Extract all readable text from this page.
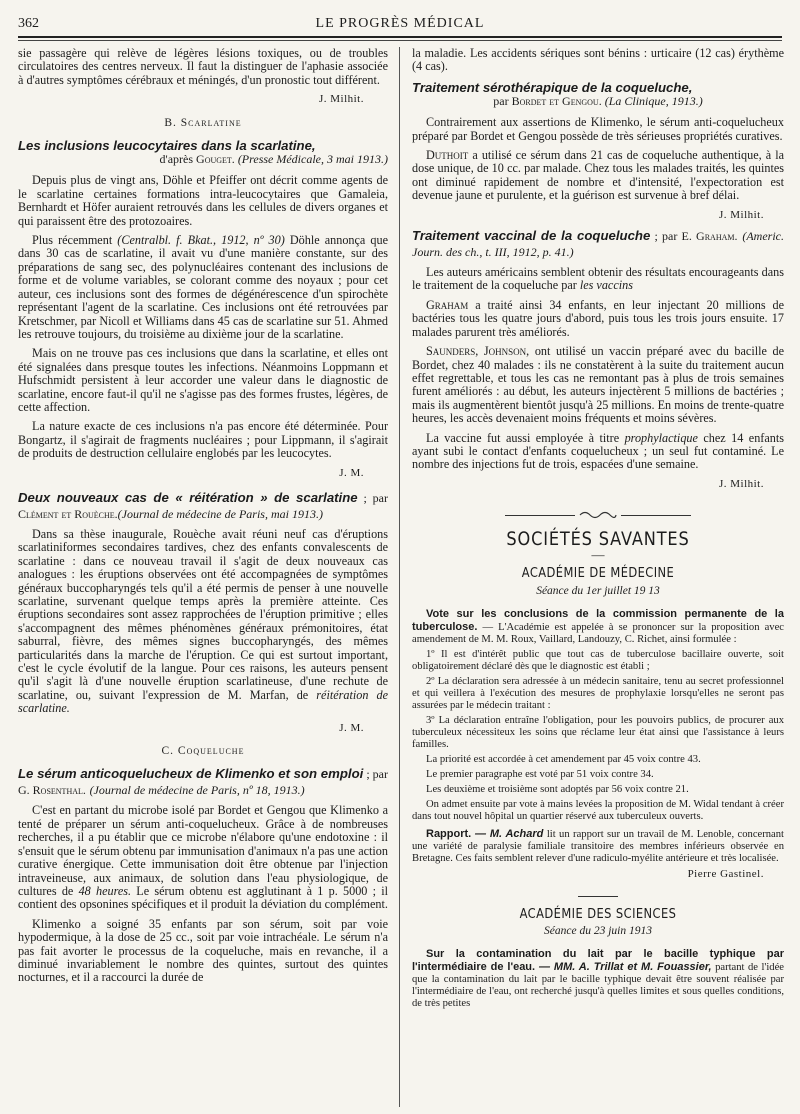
362	LE PROGRÈS MÉDICAL

sie passagère qui relève de légères lésions toxiques, ou de troubles circulatoires des centres nerveux. Il faut la distinguer de l'aphasie associée à d'autres symptômes cérébraux et méningés, d'un pronostic tout différent.

J. Milhit.
B. Scarlatine
Les inclusions leucocytaires dans la scarlatine,
d'après Gouget. (Presse Médicale, 3 mai 1913.)

Depuis plus de vingt ans, Döhle et Pfeiffer ont décrit comme agents de le scarlatine certaines formations intra-leucocytaires que Gamaleia, Bernhardt et Höfer auraient retrouvés dans les cellules de divers organes et qui paraissent être des protozoaires.

Plus récemment (Centralbl. f. Bkat., 1912, nº 30) Döhle annonça que dans 30 cas de scarlatine, il avait vu d'une manière constante, sur des préparations de sang sec, des polynucléaires contenant des inclusions de forme et de volume variables, se colorant comme des noyaux ; pour cet auteur, ces inclusions sont des formes de dégénérescence d'un spirochète représentant l'agent de la scarlatine. Ces inclusions ont été retrouvées par Kretschmer, par Nicoll et Williams dans 45 cas de scarlatine sur 51. Ahmed les retrouve toujours, du troisième au dixième jour de la scarlatine.

Mais on ne trouve pas ces inclusions que dans la scarlatine, et elles ont été signalées dans presque toutes les infections. Néanmoins Loppmann et Hufschmidt persistent à leur accorder une valeur dans le diagnostic de scarlatine, encore faut-il qu'il ne s'agisse pas des formes frustes, légères, de cette affection.

La nature exacte de ces inclusions n'a pas encore été déterminée. Pour Bongartz, il s'agirait de fragments nucléaires ; pour Lippmann, il s'agirait de produits de destruction cellulaire englobés par les leucocytes.

J. M.
Deux nouveaux cas de « réitération » de scarlatine ; par Clément et Rouèche.(Journal de médecine de Paris, mai 1913.)

Dans sa thèse inaugurale, Rouèche avait réuni neuf cas d'éruptions scarlatiniformes secondaires tardives, chez des enfants convalescents de scarlatine : dans ce nouveau travail il s'agit de deux nouveaux cas analogues : les éruptions observées ont été accompagnées de symptômes généraux buccopharyngés tels qu'il a été permis de penser à une nouvelle scarlatine, survenant quelque temps après la première atteinte. Ces éruptions secondaires sont assez rapprochées de l'éruption primitive ; elles s'accompagnent des mêmes phénomènes généraux prémonitoires, état saburral, fièvre, des mêmes signes buccopharyngés, des mêmes particularités dans la marche de l'éruption. Ce qui est surtout important, c'est le cycle évolutif de la langue. Pour ces raisons, les auteurs pensent qu'il s'agit là d'une nouvelle éruption scarlatineuse, d'une rechute de scarlatine, ou, suivant l'expression de M. Marfan, de réitération de scarlatine.

J. M.
C. Coqueluche
Le sérum anticoquelucheux de Klimenko et son emploi ; par G. Rosenthal. (Journal de médecine de Paris, nº 18, 1913.)

C'est en partant du microbe isolé par Bordet et Gengou que Klimenko a tenté de préparer un sérum anti-coquelucheux. Grâce à de nombreuses recherches, il a pu établir que ce microbe n'élabore qu'une endotoxine : il s'ensuit que le sérum obtenu par immunisation d'animaux n'a pas une action curative énergique. Cette immunisation doit être obtenue par l'injection intraveineuse, aux animaux, de solution dans l'eau physiologique, de cultures de 48 heures. Le sérum obtenu est agglutinant à 1 p. 5000 ; il contient des opsonines spécifiques et il produit la déviation du complément.

Klimenko a soigné 35 enfants par son sérum, soit par voie hypodermique, à la dose de 25 cc., soit par voie intrachéale. Le sérum n'a pas fait avorter le processus de la coqueluche, mais en revanche, il a diminué invariablement le nombre des quintes, surtout des quintes nocturnes, et il a raccourci la durée de

la maladie. Les accidents sériques sont bénins : urticaire (12 cas) érythème (4 cas).

Traitement sérothérapique de la coqueluche,
par Bordet et Gengou. (La Clinique, 1913.)

Contrairement aux assertions de Klimenko, le sérum anti-coquelucheux préparé par Bordet et Gengou possède de très sérieuses propriétés curatives.

Duthoit a utilisé ce sérum dans 21 cas de coqueluche authentique, à la dose unique, de 10 cc. par malade. Chez tous les malades traités, les quintes ont diminué rapidement de nombre et d'intensité, l'expectoration est devenue jaune et purulente, et la guérison est survenue à bref délai.

J. Milhit.
Traitement vaccinal de la coqueluche ; par E. Graham. (Americ. Journ. des ch., t. III, 1912, p. 41.)

Les auteurs américains semblent obtenir des résultats encourageants dans le traitement de la coqueluche par les vaccins

Graham a traité ainsi 34 enfants, en leur injectant 20 millions de bactéries tous les quatre jours d'abord, puis tous les trois jours ensuite. 17 malades parurent très améliorés.

Saunders, Johnson, ont utilisé un vaccin préparé avec du bacille de Bordet, chez 40 malades : ils ne constatèrent à la suite du traitement aucun effet regrettable, et tous les cas ne remontant pas à plus de trois semaines furent améliorés : au début, les auteurs injectèrent 5 millions de bactéries ; mais ils augmentèrent bientôt jusqu'à 25 millions. En moins de trente-quatre heures, les accès devenaient moins fréquents et moins sévères.

La vaccine fut aussi employée à titre prophylactique chez 14 enfants ayant subi le contact d'enfants coquelucheux ; un seul fut contaminé. Le nombre des injections fut de trois, espacées d'une semaine.

J. Milhit.

SOCIÉTÉS SAVANTES
—
ACADÉMIE DE MÉDECINE
Séance du 1er juillet 19 13

Vote sur les conclusions de la commission permanente de la tuberculose. — L'Académie est appelée à se prononcer sur la proposition avec amendement de M. M. Roux, Vaillard, Landouzy, C. Richet, ainsi formulée :

1º Il est d'intérêt public que tout cas de tuberculose bacillaire ouverte, soit obligatoirement déclaré dès que le diagnostic est établi ;

2º La déclaration sera adressée à un médecin sanitaire, tenu au secret professionnel et qui veillera à l'exécution des mesures de prophylaxie lorsqu'elles ne seront pas assurées par le médecin traitant :

3º La déclaration entraîne l'obligation, pour les pouvoirs publics, de procurer aux tuberculeux nécessiteux les soins que réclame leur état ainsi que l'assistance à leurs familles.

La priorité est accordée à cet amendement par 45 voix contre 43.

Le premier paragraphe est voté par 51 voix contre 34.

Les deuxième et troisième sont adoptés par 56 voix contre 21.

On admet ensuite par vote à mains levées la proposition de M. Widal tendant à créer dans tout nouvel hôpital un quartier réservé aux tuberculeux ouverts.

Rapport. — M. Achard lit un rapport sur un travail de M. Lenoble, concernant une variété de paralysie familiale transitoire des membres inférieurs observée en Bretagne. Ces faits semblent relever d'une radiculo-myélite antérieure et très localisée.

Pierre Gastinel.
ACADÉMIE DES SCIENCES
Séance du 23 juin 1913

Sur la contamination du lait par le bacille typhique par l'intermédiaire de l'eau. — MM. A. Trillat et M. Fouassier, partant de l'idée que la contamination du lait par le bacille typhique devait être souvent réalisée par l'intermédiaire de l'eau, ont recherché jusqu'à quelles limites et sous quelles conditions, de très petites
